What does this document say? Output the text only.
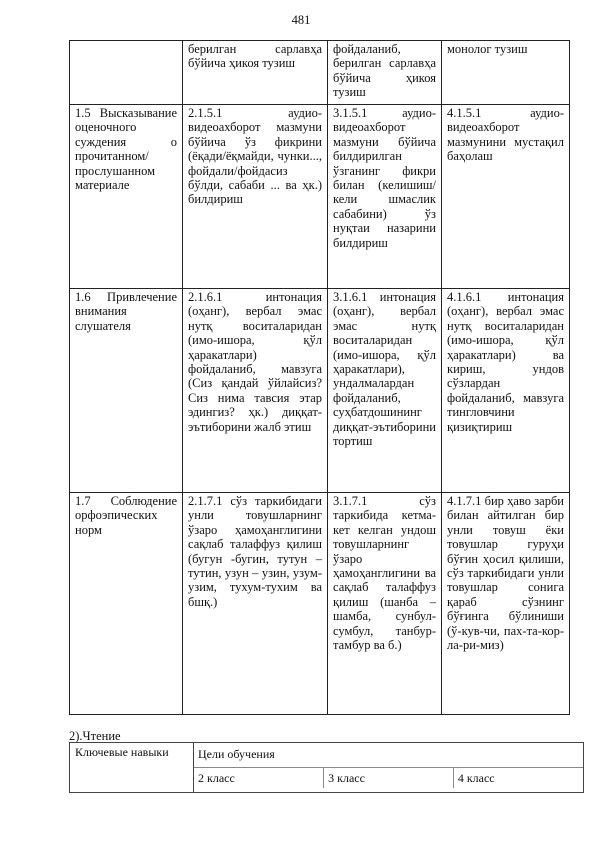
481
	берилган сарлавҳа бўйича ҳикоя тузиш	фойдаланиб, берилган сарлавҳа бўйича ҳикоя тузиш	монолог тузиш
1.5 Высказывание оценочного суждения о прочитанном/ прослушанном материале	2.1.5.1 аудио-видеоахборот мазмуни бўйича ўз фикрини (ёқади/ёқмайди, чунки..., фойдали/фойдасиз бўлди, сабаби ... ва ҳк.) билдириш	3.1.5.1 аудио-видеоахборот мазмуни бўйича билдирилган ўзганинг фикри билан (келишиш/кели шмаслик сабабини) ўз нуқтаи назарини билдириш	4.1.5.1 аудио-видеоахборот мазмунини мустақил баҳолаш
1.6 Привлечение внимания слушателя	2.1.6.1 интонация (оҳанг), вербал эмас нутқ воситаларидан (имо-ишора, қўл ҳаракатлари) фойдаланиб, мавзуга (Сиз қандай ўйлайсиз? Сиз нима тавсия этар эдингиз? ҳк.) диққат-эътиборини жалб этиш	3.1.6.1 интонация (оҳанг), вербал эмас нутқ воситаларидан (имо-ишора, қўл ҳаракатлари), ундалмалардан фойдаланиб, суҳбатдошининг диққат-эътиборини тортиш	4.1.6.1 интонация (оҳанг), вербал эмас нутқ воситаларидан (имо-ишора, қўл ҳаракатлари) ва кириш, ундов сўзлардан фойдаланиб, мавзуга тингловчини қизиқтириш
1.7 Соблюдение орфоэпических норм	2.1.7.1 сўз таркибидаги унли товушларнинг ўзаро ҳамоҳанглигини сақлаб талаффуз қилиш (бугун -бугин, тутун – тутин, узун – узин, узум-узим, тухум-тухим ва бшқ.)	3.1.7.1 сўз таркибида кетма-кет келган ундош товушларнинг ўзаро ҳамоҳанглигини ва сақлаб талаффуз қилиш (шанба – шамба, сунбул-сумбул, танбур-тамбур ва б.)	4.1.7.1 бир ҳаво зарби билан айтилган бир унли товуш ёки товушлар гуруҳи бўғин ҳосил қилиши, сўз таркибидаги унли товушлар сонига қараб сўзнинг бўғинга бўлиниши (ў-кув-чи, пах-та-кор-ла-ри-миз)
2).Чтение
Ключевые навыки	Цели обучения
2 класс	3 класс	4 класс
